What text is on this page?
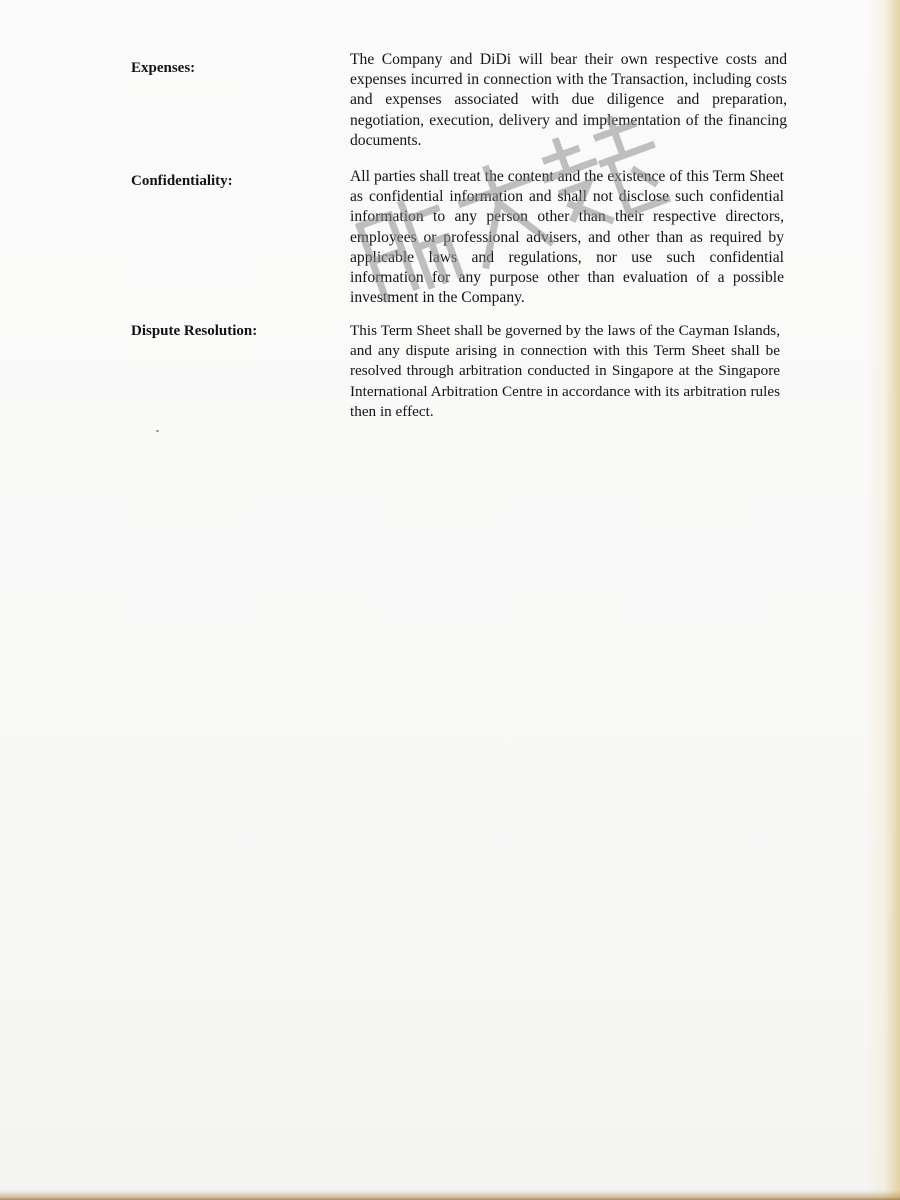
Expenses:	The Company and DiDi will bear their own respective costs and expenses incurred in connection with the Transaction, including costs and expenses associated with due diligence and preparation, negotiation, execution, delivery and implementation of the financing documents.

Confidentiality:	All parties shall treat the content and the existence of this Term Sheet as confidential information and shall not disclose such confidential information to any person other than their respective directors, employees or professional advisers, and other than as required by applicable laws and regulations, nor use such confidential information for any purpose other than evaluation of a possible investment in the Company.

Dispute Resolution:	This Term Sheet shall be governed by the laws of the Cayman Islands, and any dispute arising in connection with this Term Sheet shall be resolved through arbitration conducted in Singapore at the Singapore International Arbitration Centre in accordance with its arbitration rules then in effect.
